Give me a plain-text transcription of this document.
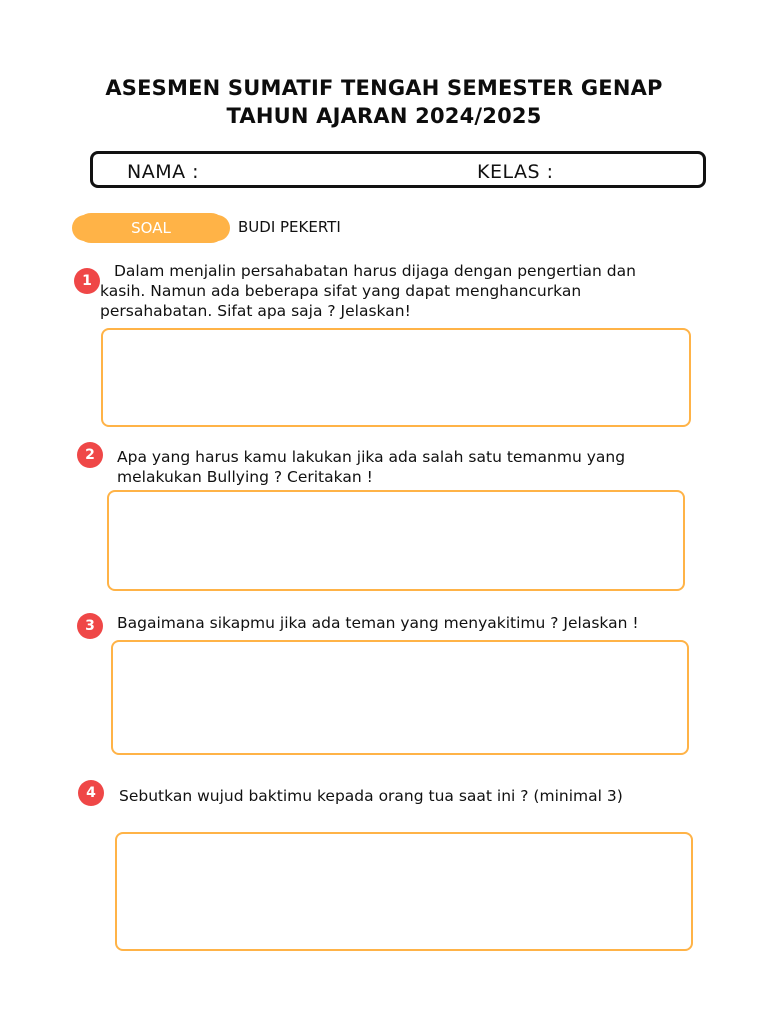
ASESMEN SUMATIF TENGAH SEMESTER GENAP
TAHUN AJARAN 2024/2025
NAMA :	KELAS :
SOAL	BUDI PEKERTI
1
Dalam menjalin persahabatan harus dijaga dengan pengertian dan
kasih. Namun ada beberapa sifat yang dapat menghancurkan
persahabatan. Sifat apa saja ? Jelaskan!
2	Apa yang harus kamu lakukan jika ada salah satu temanmu yang
melakukan Bullying ? Ceritakan !
3	Bagaimana sikapmu jika ada teman yang menyakitimu ? Jelaskan !
4	Sebutkan wujud baktimu kepada orang tua saat ini ? (minimal 3)
